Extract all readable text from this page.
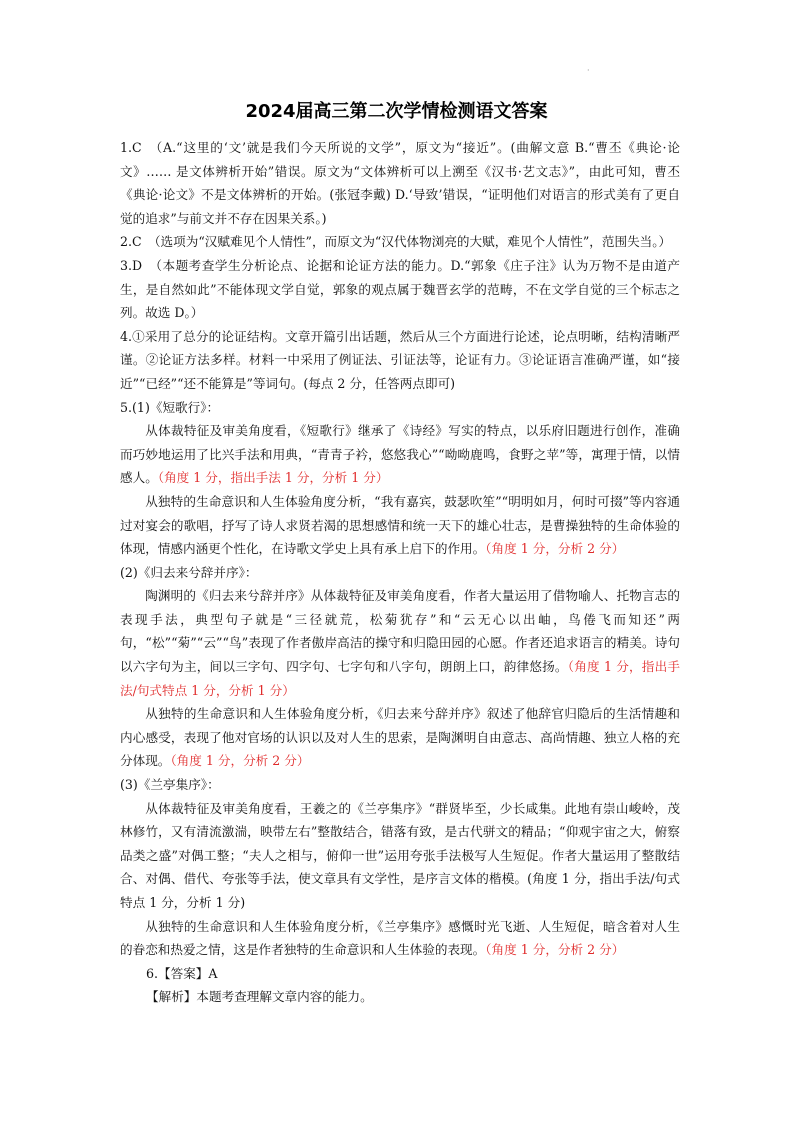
·
2024届高三第二次学情检测语文答案

1.C　（A.“这里的‘文’就是我们今天所说的文学”，原文为“接近”。(曲解文意 B.“曹丕《典论·论文》…… 是文体辨析开始”错误。原文为“文体辨析可以上溯至《汉书·艺文志》”，由此可知，曹丕《典论·论文》不是文体辨析的开始。(张冠李戴) D.‘导致’错误，“证明他们对语言的形式美有了更自觉的追求”与前文并不存在因果关系。)

2.C　（选项为“汉赋难见个人情性”，而原文为“汉代体物浏亮的大赋，难见个人情性”，范围失当。）

3.D　（本题考查学生分析论点、论据和论证方法的能力。D.“郭象《庄子注》认为万物不是由道产生，是自然如此”不能体现文学自觉，郭象的观点属于魏晋玄学的范畴，不在文学自觉的三个标志之列。故选 D。）

4.①采用了总分的论证结构。文章开篇引出话题，然后从三个方面进行论述，论点明晰，结构清晰严谨。②论证方法多样。材料一中采用了例证法、引证法等，论证有力。③论证语言准确严谨，如“接近”“已经”“还不能算是”等词句。(每点 2 分，任答两点即可)

5.(1)《短歌行》：

从体裁特征及审美角度看，《短歌行》继承了《诗经》写实的特点，以乐府旧题进行创作，准确而巧妙地运用了比兴手法和用典，“青青子衿，悠悠我心”“呦呦鹿鸣，食野之苹”等，寓理于情，以情感人。（角度 1 分，指出手法 1 分，分析 1 分）

从独特的生命意识和人生体验角度分析，“我有嘉宾，鼓瑟吹笙”“明明如月，何时可掇”等内容通过对宴会的歌唱，抒写了诗人求贤若渴的思想感情和统一天下的雄心壮志，是曹操独特的生命体验的体现，情感内涵更个性化，在诗歌文学史上具有承上启下的作用。（角度 1 分，分析 2 分）

(2)《归去来兮辞并序》：

陶渊明的《归去来兮辞并序》从体裁特征及审美角度看，作者大量运用了借物喻人、托物言志的表现手法，典型句子就是“三径就荒，松菊犹存”和“云无心以出岫，鸟倦飞而知还”两句，“松”“菊”“云”“鸟”表现了作者傲岸高洁的操守和归隐田园的心愿。作者还追求语言的精美。诗句以六字句为主，间以三字句、四字句、七字句和八字句，朗朗上口，韵律悠扬。（角度 1 分，指出手法/句式特点 1 分，分析 1 分）

从独特的生命意识和人生体验角度分析，《归去来兮辞并序》叙述了他辞官归隐后的生活情趣和内心感受，表现了他对官场的认识以及对人生的思索，是陶渊明自由意志、高尚情趣、独立人格的充分体现。（角度 1 分，分析 2 分）

(3)《兰亭集序》：

从体裁特征及审美角度看，王羲之的《兰亭集序》“群贤毕至，少长咸集。此地有崇山峻岭，茂林修竹，又有清流激湍，映带左右”整散结合，错落有致，是古代骈文的精品；“仰观宇宙之大，俯察品类之盛”对偶工整；“夫人之相与，俯仰一世”运用夸张手法极写人生短促。作者大量运用了整散结合、对偶、借代、夸张等手法，使文章具有文学性，是序言文体的楷模。(角度 1 分，指出手法/句式特点 1 分，分析 1 分)

从独特的生命意识和人生体验角度分析，《兰亭集序》感慨时光飞逝、人生短促，暗含着对人生的眷恋和热爱之情，这是作者独特的生命意识和人生体验的表现。（角度 1 分，分析 2 分）

6.【答案】A

【解析】本题考查理解文章内容的能力。
